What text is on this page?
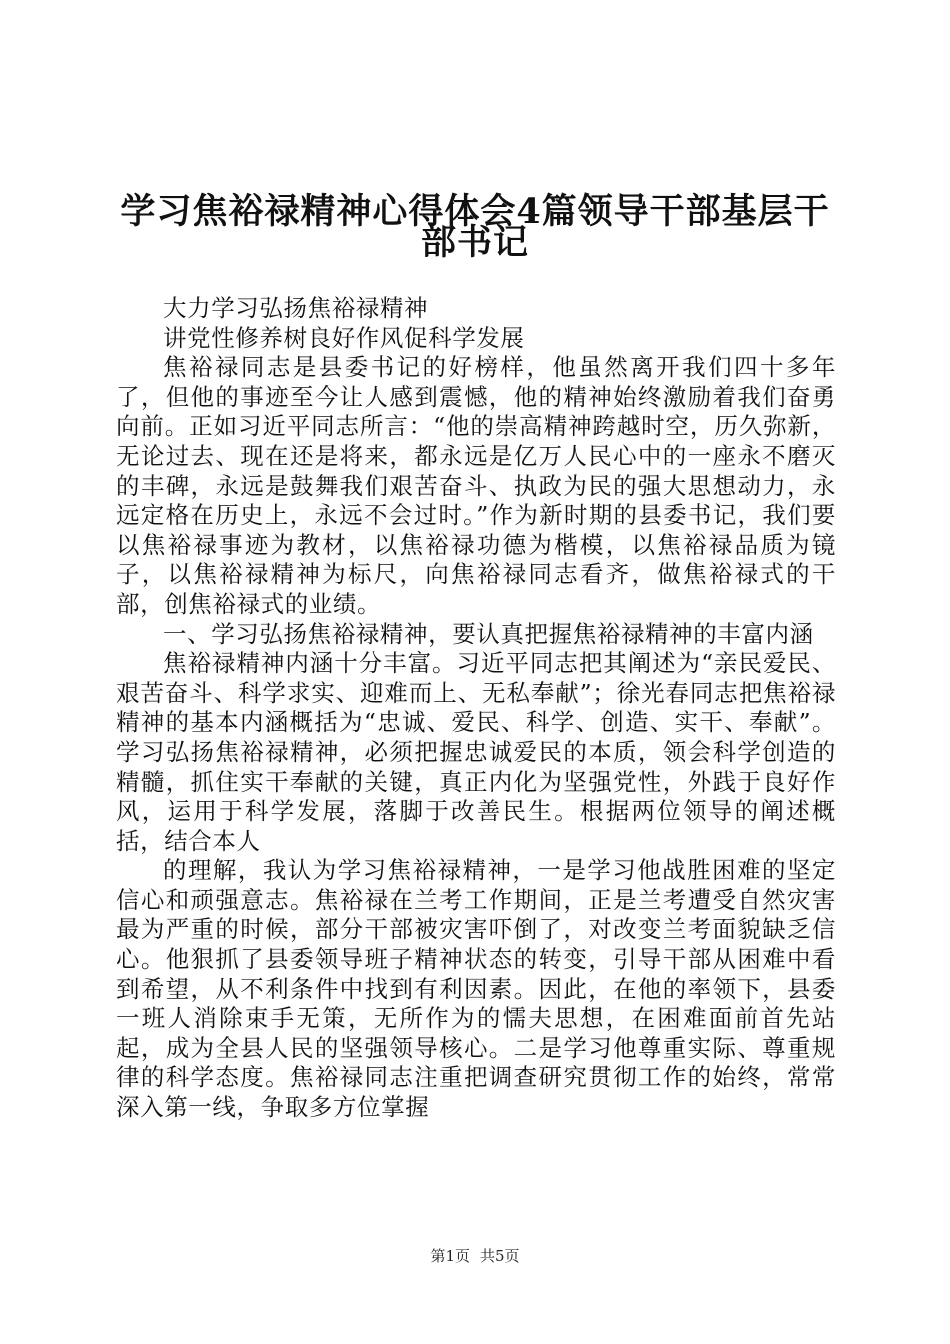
学习焦裕禄精神心得体会4篇领导干部基层干
部书记

大力学习弘扬焦裕禄精神

讲党性修养树良好作风促科学发展

焦裕禄同志是县委书记的好榜样，他虽然离开我们四十多年了，但他的事迹至今让人感到震憾，他的精神始终激励着我们奋勇向前。正如习近平同志所言：“他的崇高精神跨越时空，历久弥新，无论过去、现在还是将来，都永远是亿万人民心中的一座永不磨灭的丰碑，永远是鼓舞我们艰苦奋斗、执政为民的强大思想动力，永远定格在历史上，永远不会过时。”作为新时期的县委书记，我们要以焦裕禄事迹为教材，以焦裕禄功德为楷模，以焦裕禄品质为镜子，以焦裕禄精神为标尺，向焦裕禄同志看齐，做焦裕禄式的干部，创焦裕禄式的业绩。

一、学习弘扬焦裕禄精神，要认真把握焦裕禄精神的丰富内涵

焦裕禄精神内涵十分丰富。习近平同志把其阐述为“亲民爱民、艰苦奋斗、科学求实、迎难而上、无私奉献”；徐光春同志把焦裕禄精神的基本内涵概括为“忠诚、爱民、科学、创造、实干、奉献”。学习弘扬焦裕禄精神，必须把握忠诚爱民的本质，领会科学创造的精髓，抓住实干奉献的关键，真正内化为坚强党性，外践于良好作风，运用于科学发展，落脚于改善民生。根据两位领导的阐述概括，结合本人

的理解，我认为学习焦裕禄精神，一是学习他战胜困难的坚定信心和顽强意志。焦裕禄在兰考工作期间，正是兰考遭受自然灾害最为严重的时候，部分干部被灾害吓倒了，对改变兰考面貌缺乏信心。他狠抓了县委领导班子精神状态的转变，引导干部从困难中看到希望，从不利条件中找到有利因素。因此，在他的率领下，县委一班人消除束手无策，无所作为的懦夫思想，在困难面前首先站起，成为全县人民的坚强领导核心。二是学习他尊重实际、尊重规律的科学态度。焦裕禄同志注重把调查研究贯彻工作的始终，常常深入第一线，争取多方位掌握

第1页 共5页
